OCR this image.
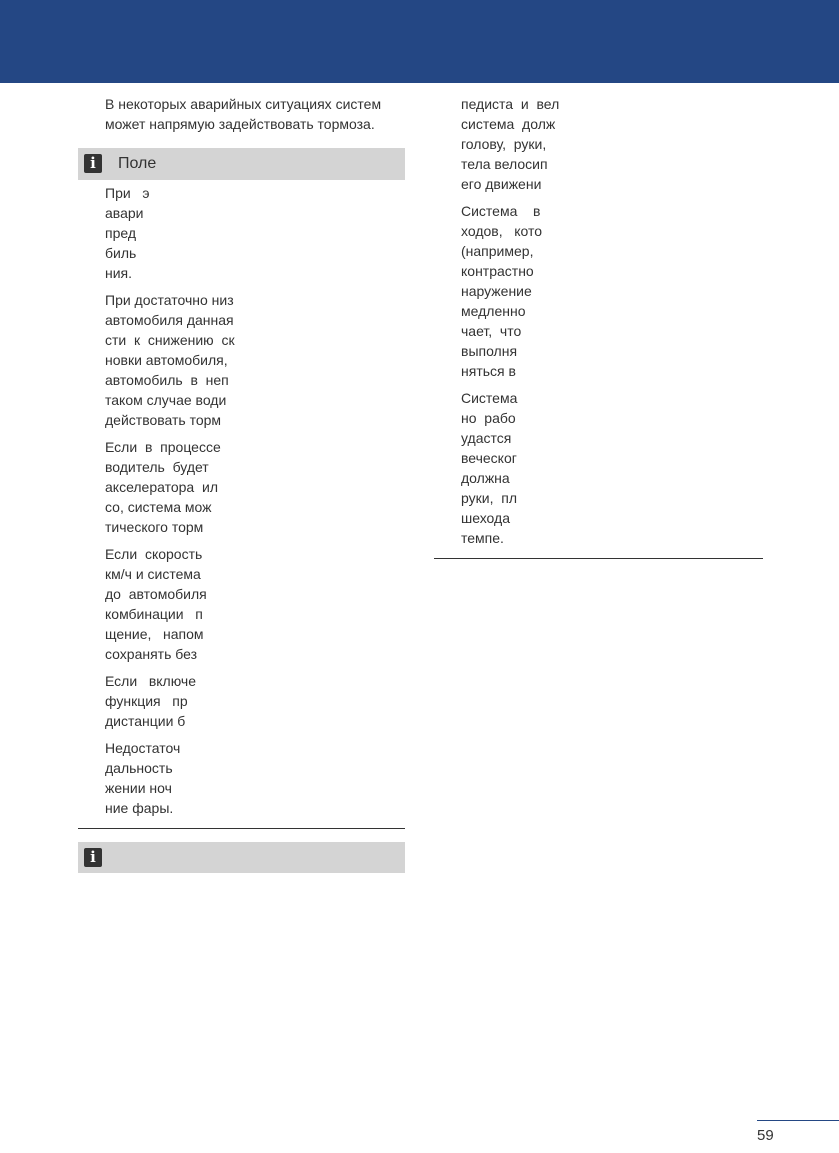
В некоторых аварийных ситуациях систем
может напрямую задействовать тормоза.
i	Поле
При   э
авари
пред
биль
ния.
При достаточно низ
автомобиля данная
сти  к  снижению  ск
новки автомобиля,
автомобиль  в  неп
таком случае води
действовать торм
Если  в  процессе
водитель  будет
акселератора  ил
со, система мож
тического торм
Если  скорость
км/ч и система
до  автомобиля
комбинации   п
щение,   напом
сохранять без
Если   включе
функция   пр
дистанции б
Недостаточ
дальность
жении ноч
ние фары.
i
педиста  и  вел
система  долж
голову,  руки,
тела велосип
его движени
Система    в
ходов,   кото
(например,
контрастно
наружение
медленно
чает,  что
выполня
няться в
Система
но  рабо
удастся
веческог
должна
руки,  пл
шехода
темпе.
59
